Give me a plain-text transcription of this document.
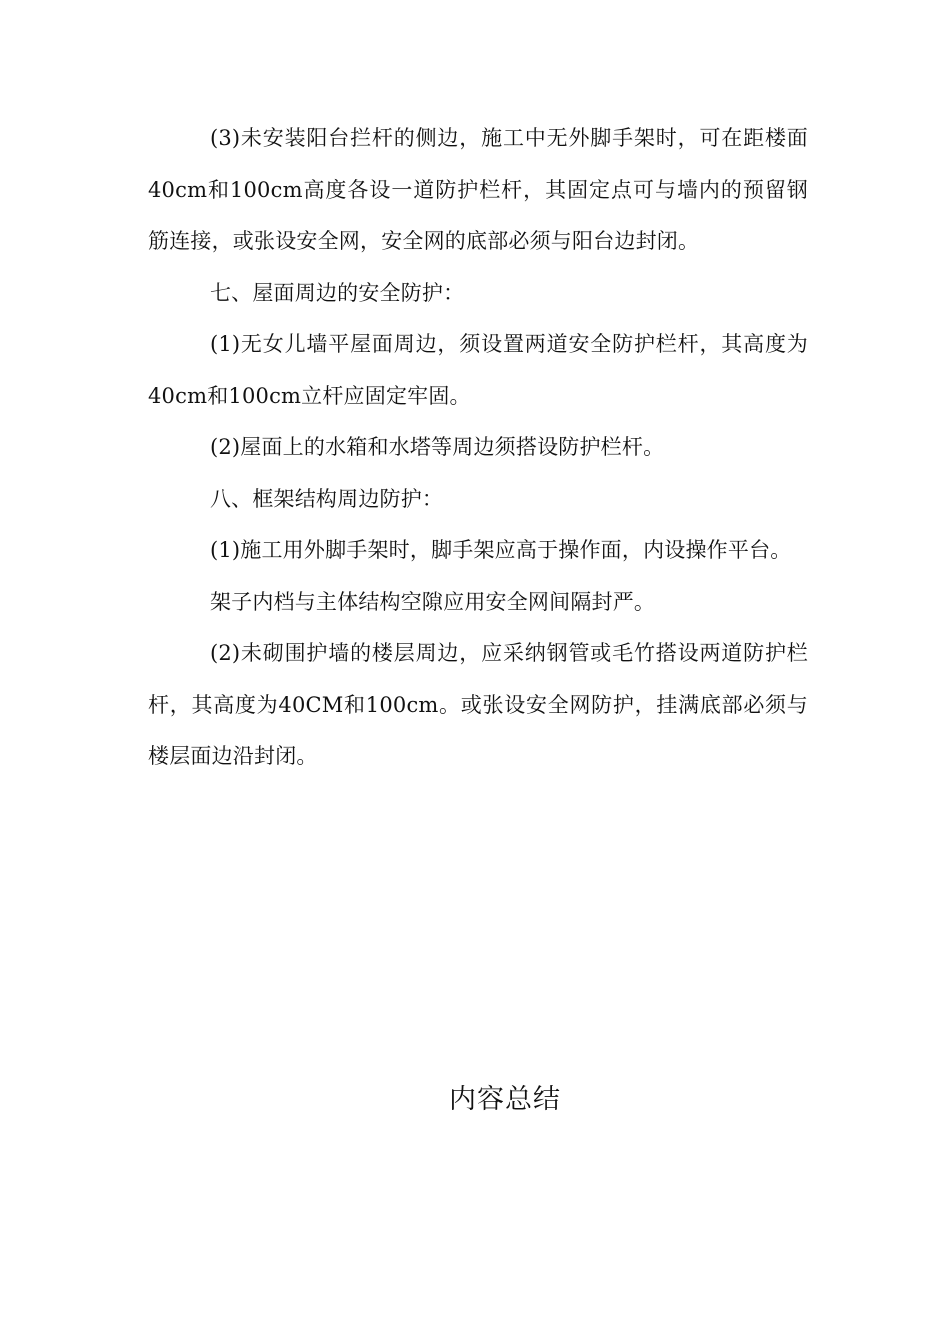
(3)未安装阳台拦杆的侧边，施工中无外脚手架时，可在距楼面40cm和100cm高度各设一道防护栏杆，其固定点可与墙内的预留钢筋连接，或张设安全网，安全网的底部必须与阳台边封闭。

七、屋面周边的安全防护：

(1)无女儿墙平屋面周边，须设置两道安全防护栏杆，其高度为40cm和100cm立杆应固定牢固。

(2)屋面上的水箱和水塔等周边须搭设防护栏杆。

八、框架结构周边防护：

(1)施工用外脚手架时，脚手架应高于操作面，内设操作平台。

架子内档与主体结构空隙应用安全网间隔封严。

(2)未砌围护墙的楼层周边，应采纳钢管或毛竹搭设两道防护栏杆，其高度为40CM和100cm。或张设安全网防护，挂满底部必须与楼层面边沿封闭。

内容总结
